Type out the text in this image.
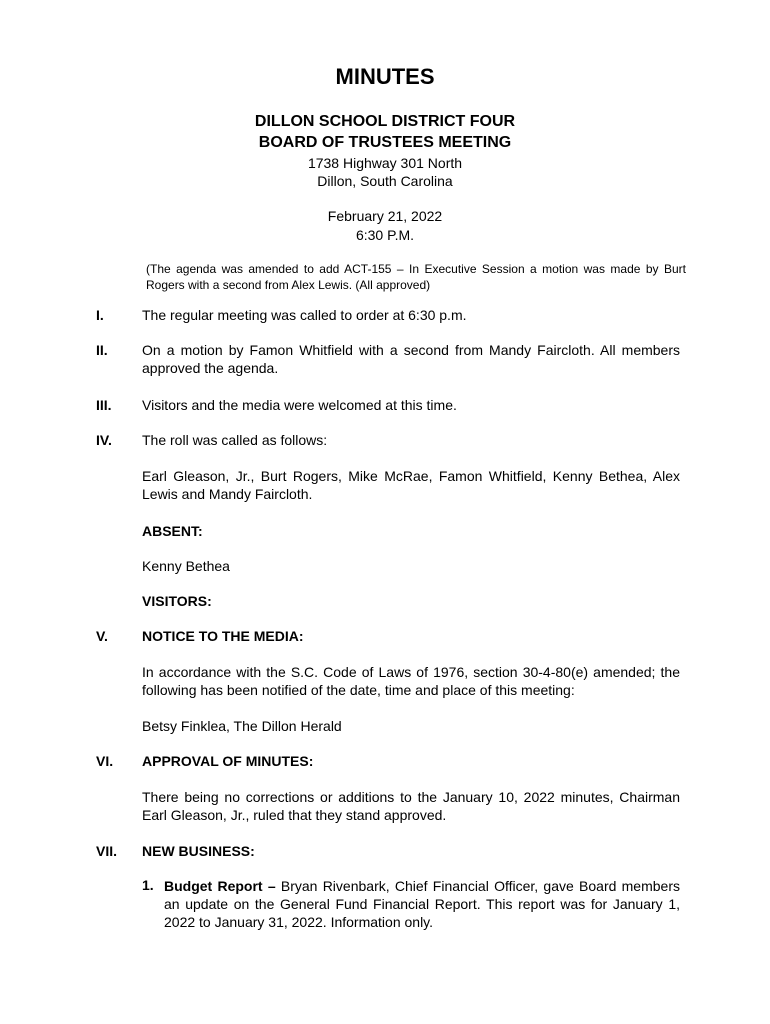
MINUTES
DILLON SCHOOL DISTRICT FOUR
BOARD OF TRUSTEES MEETING
1738 Highway 301 North
Dillon, South Carolina
February 21, 2022
6:30 P.M.
(The agenda was amended to add ACT-155 – In Executive Session a motion was made by Burt Rogers with a second from Alex Lewis. (All approved)
I.	The regular meeting was called to order at 6:30 p.m.
II. On a motion by Famon Whitfield with a second from Mandy Faircloth. All members approved the agenda.
III. Visitors and the media were welcomed at this time.
IV. The roll was called as follows:
Earl Gleason, Jr., Burt Rogers, Mike McRae, Famon Whitfield, Kenny Bethea, Alex Lewis and Mandy Faircloth.
ABSENT:
Kenny Bethea
VISITORS:
V. NOTICE TO THE MEDIA:
In accordance with the S.C. Code of Laws of 1976, section 30-4-80(e) amended; the following has been notified of the date, time and place of this meeting:
Betsy Finklea, The Dillon Herald
VI. APPROVAL OF MINUTES:
There being no corrections or additions to the January 10, 2022 minutes, Chairman Earl Gleason, Jr., ruled that they stand approved.
VII. NEW BUSINESS:
1. Budget Report – Bryan Rivenbark, Chief Financial Officer, gave Board members an update on the General Fund Financial Report. This report was for January 1, 2022 to January 31, 2022. Information only.
